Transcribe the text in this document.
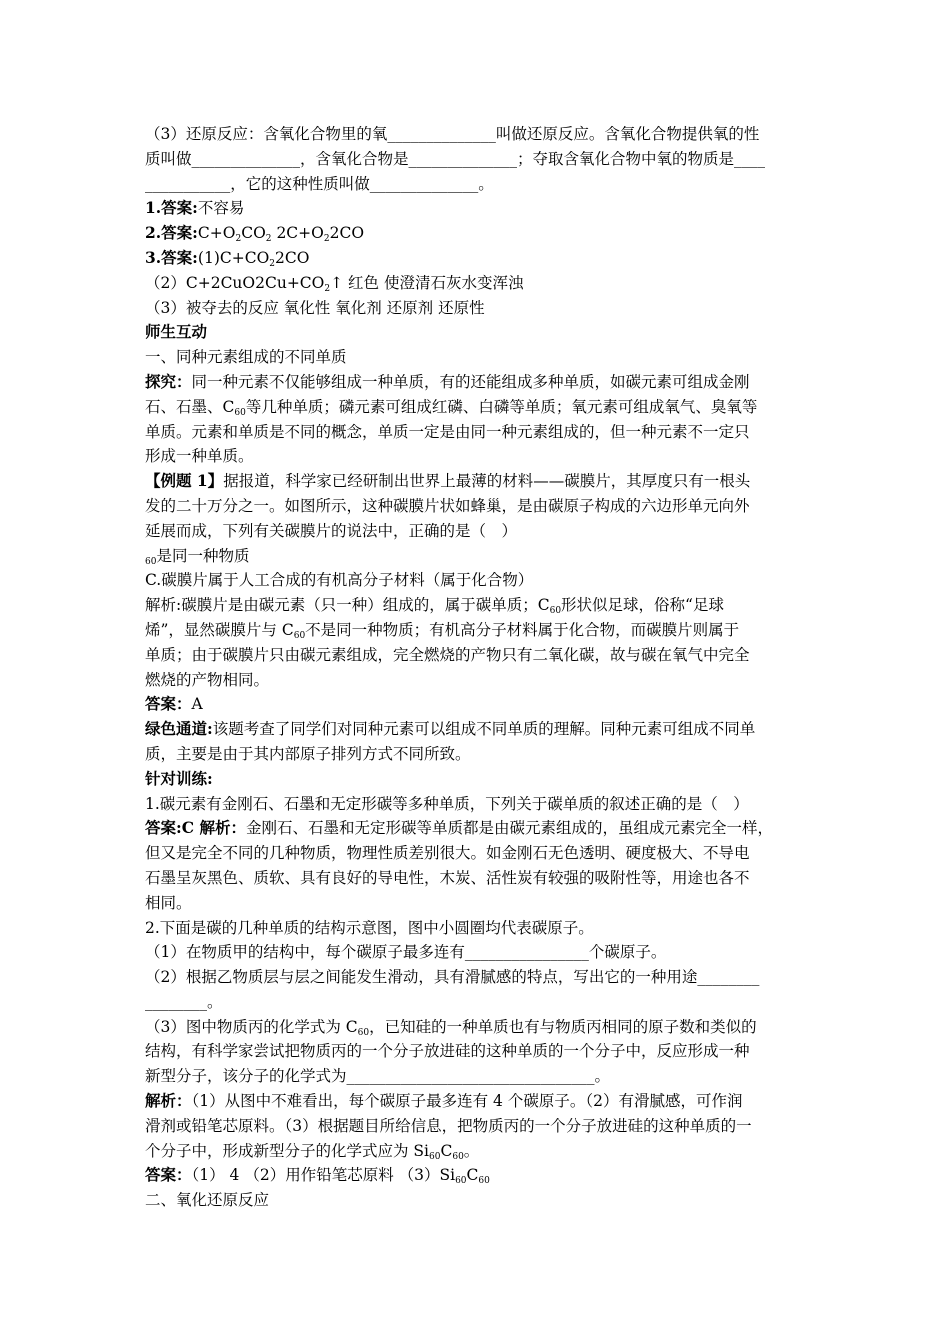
（3）还原反应：含氧化合物里的氧______________叫做还原反应。含氧化合物提供氧的性
质叫做______________，含氧化合物是______________；夺取含氧化合物中氧的物质是____
___________，它的这种性质叫做______________。
1.答案:不容易
2.答案$:C+O_2CO_2$ $2C+O_22CO$
3.答案$:(1)C+CO_22CO$
$(2)C+2CuO2Cu+CO_2↑$ 红色 使澄清石灰水变浑浊
（3）被夺去的反应 氧化性 氧化剂 还原剂 还原性
师生互动
一、同种元素组成的不同单质
探究：同一种元素不仅能够组成一种单质，有的还能组成多种单质，如碳元素可组成金刚
石、石墨、$C_{60}$等几种单质；磷元素可组成红磷、白磷等单质；氧元素可组成氧气、臭氧等
单质。元素和单质是不同的概念，单质一定是由同一种元素组成的，但一种元素不一定只
形成一种单质。
【例题 1】据报道，科学家已经研制出世界上最薄的材料——碳膜片，其厚度只有一根头
发的二十万分之一。如图所示，这种碳膜片状如蜂巢，是由碳原子构成的六边形单元向外
延展而成，下列有关碳膜片的说法中，正确的是（　）
$_{60}$是同一种物质
C.碳膜片属于人工合成的有机高分子材料（属于化合物）
解析:碳膜片是由碳元素（只一种）组成的，属于碳单质；$C_{60}$形状似足球，俗称“足球
烯”，显然碳膜片与 $C_{60}$不是同一种物质；有机高分子材料属于化合物，而碳膜片则属于
单质；由于碳膜片只由碳元素组成，完全燃烧的产物只有二氧化碳，故与碳在氧气中完全
燃烧的产物相同。
答案：A
绿色通道:该题考查了同学们对同种元素可以组成不同单质的理解。同种元素可组成不同单
质，主要是由于其内部原子排列方式不同所致。
针对训练:
1.碳元素有金刚石、石墨和无定形碳等多种单质，下列关于碳单质的叙述正确的是（　）
答案:C 解析：金刚石、石墨和无定形碳等单质都是由碳元素组成的，虽组成元素完全一样，
但又是完全不同的几种物质，物理性质差别很大。如金刚石无色透明、硬度极大、不导电
石墨呈灰黑色、质软、具有良好的导电性，木炭、活性炭有较强的吸附性等，用途也各不
相同。
2.下面是碳的几种单质的结构示意图，图中小圆圈均代表碳原子。
（1）在物质甲的结构中，每个碳原子最多连有________________个碳原子。
（2）根据乙物质层与层之间能发生滑动，具有滑腻感的特点，写出它的一种用途________
________。
（3）图中物质丙的化学式为 $C_{60}$，已知硅的一种单质也有与物质丙相同的原子数和类似的
结构，有科学家尝试把物质丙的一个分子放进硅的这种单质的一个分子中，反应形成一种
新型分子，该分子的化学式为________________________________。
解析：（1）从图中不难看出，每个碳原子最多连有 4 个碳原子。（2）有滑腻感，可作润
滑剂或铅笔芯原料。（3）根据题目所给信息，把物质丙的一个分子放进硅的这种单质的一
个分子中，形成新型分子的化学式应为 $Si_{60}C_{60}$。
答案：（1） 4 （2）用作铅笔芯原料 $(3)Si_{60}C_{60}$
二、氧化还原反应
